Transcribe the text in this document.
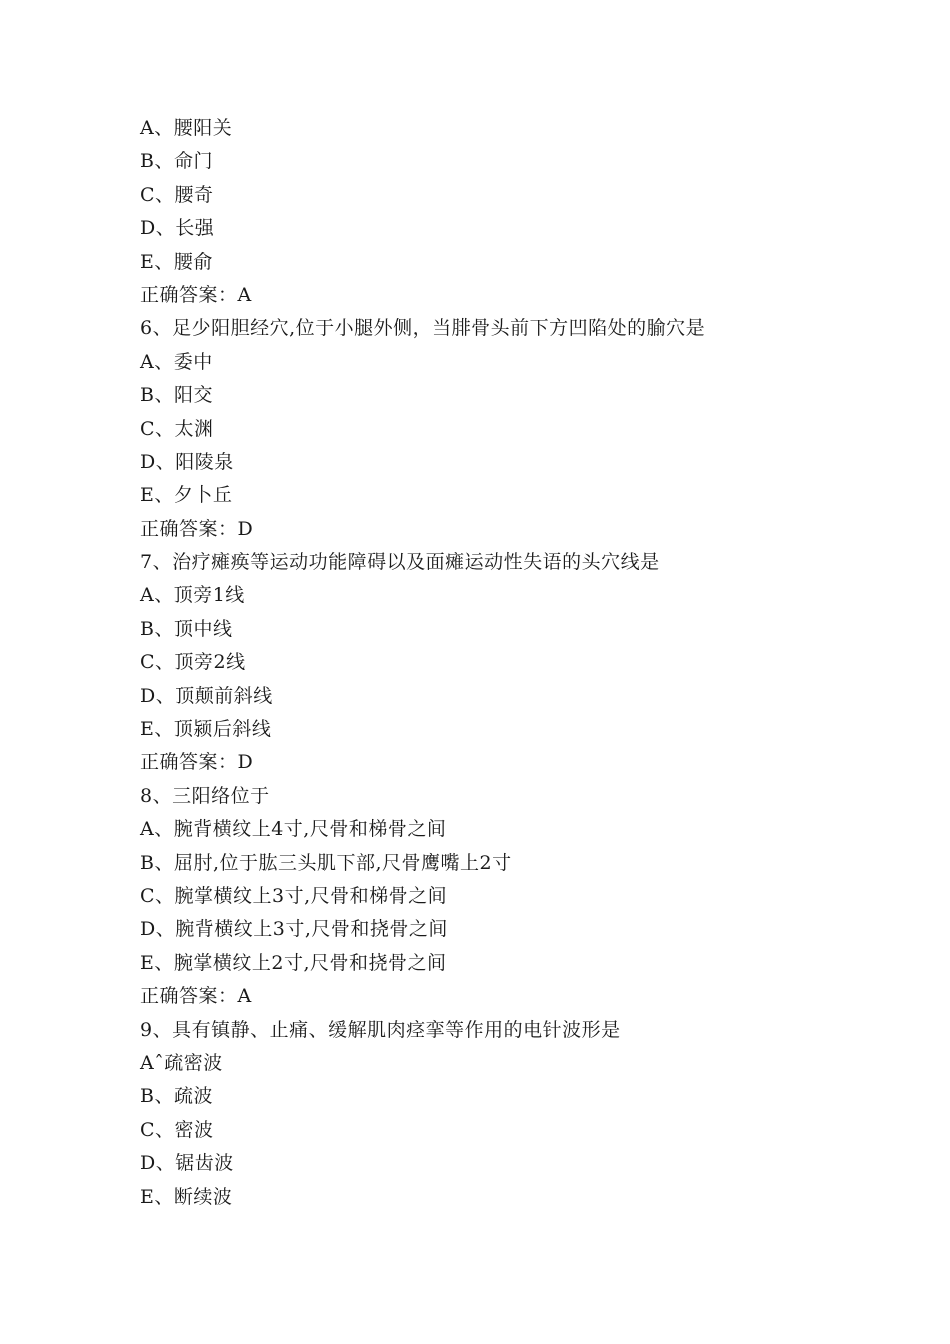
A、腰阳关
B、命门
C、腰奇
D、长强
E、腰俞
正确答案：A
6、足少阳胆经穴,位于小腿外侧，当腓骨头前下方凹陷处的腧穴是
A、委中
B、阳交
C、太渊
D、阳陵泉
E、夕卜丘
正确答案：D
7、治疗瘫痪等运动功能障碍以及面瘫运动性失语的头穴线是
A、顶旁1线
B、顶中线
C、顶旁2线
D、顶颠前斜线
E、顶颍后斜线
正确答案：D
8、三阳络位于
A、腕背横纹上4寸,尺骨和梯骨之间
B、屈肘,位于肱三头肌下部,尺骨鹰嘴上2寸
C、腕掌横纹上3寸,尺骨和梯骨之间
D、腕背横纹上3寸,尺骨和挠骨之间
E、腕掌横纹上2寸,尺骨和挠骨之间
正确答案：A
9、具有镇静、止痛、缓解肌肉痉挛等作用的电针波形是
Aˆ疏密波
B、疏波
C、密波
D、锯齿波
E、断续波
